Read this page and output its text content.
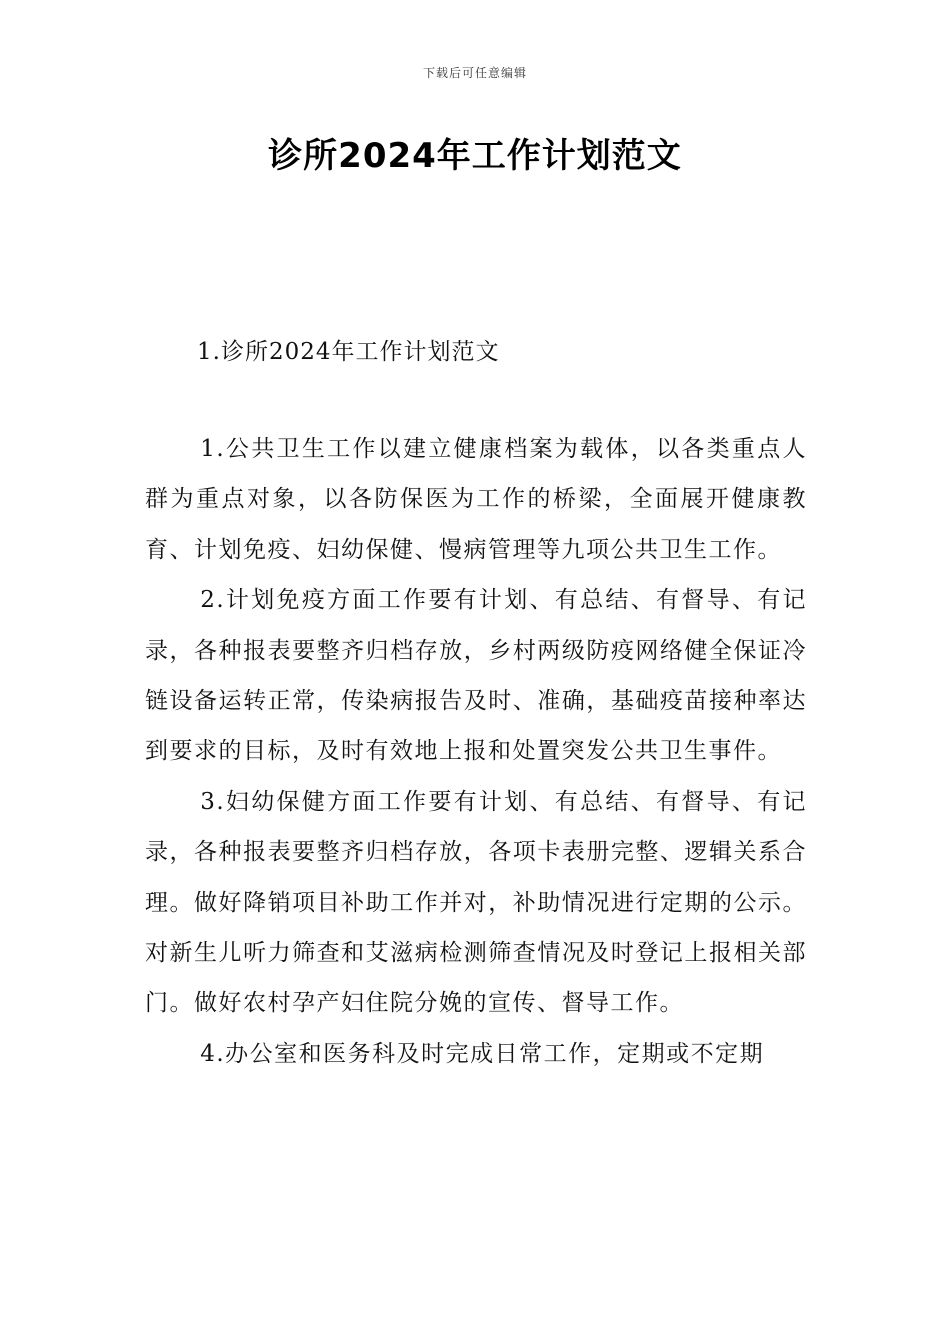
下载后可任意编辑
诊所2024年工作计划范文
1.诊所2024年工作计划范文

1.公共卫生工作以建立健康档案为载体，以各类重点人群为重点对象，以各防保医为工作的桥梁，全面展开健康教育、计划免疫、妇幼保健、慢病管理等九项公共卫生工作。

2.计划免疫方面工作要有计划、有总结、有督导、有记录，各种报表要整齐归档存放，乡村两级防疫网络健全保证冷链设备运转正常，传染病报告及时、准确，基础疫苗接种率达到要求的目标，及时有效地上报和处置突发公共卫生事件。

3.妇幼保健方面工作要有计划、有总结、有督导、有记录，各种报表要整齐归档存放，各项卡表册完整、逻辑关系合理。做好降销项目补助工作并对，补助情况进行定期的公示。对新生儿听力筛查和艾滋病检测筛查情况及时登记上报相关部门。做好农村孕产妇住院分娩的宣传、督导工作。

4.办公室和医务科及时完成日常工作，定期或不定期
